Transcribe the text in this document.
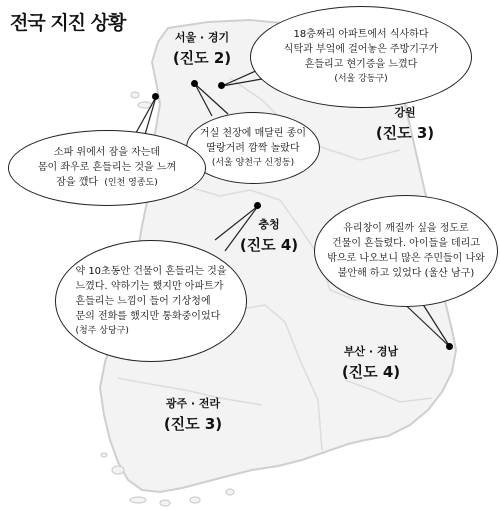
전국 지진 상황
서울 · 경기
(진도 2)
강원
(진도 3)
충청
(진도 4)
부산 · 경남
(진도 4)
광주 · 전라
(진도 3)
18층짜리 아파트에서 식사하다
식탁과 부엌에 걸어놓은 주방기구가
흔들리고 현기증을 느꼈다
(서울 강동구)
거실 천장에 매달린 종이
딸랑거려 깜짝 놀랐다
(서울 양천구 신정동)
소파 위에서 잠을 자는데
몸이 좌우로 흔들리는 것을 느껴
잠을 깼다 (인천 영종도)
유리창이 깨질까 싶을 정도로
건물이 흔들렸다. 아이들을 데리고
밖으로 나오보니 많은 주민들이 나와
불안해 하고 있었다 (울산 남구)
약 10초동안 건물이 흔들리는 것을
느꼈다. 약하기는 했지만 아파트가
흔들리는 느낌이 들어 기상청에
문의 전화를 했지만 통화중이었다
(청주 상당구)
